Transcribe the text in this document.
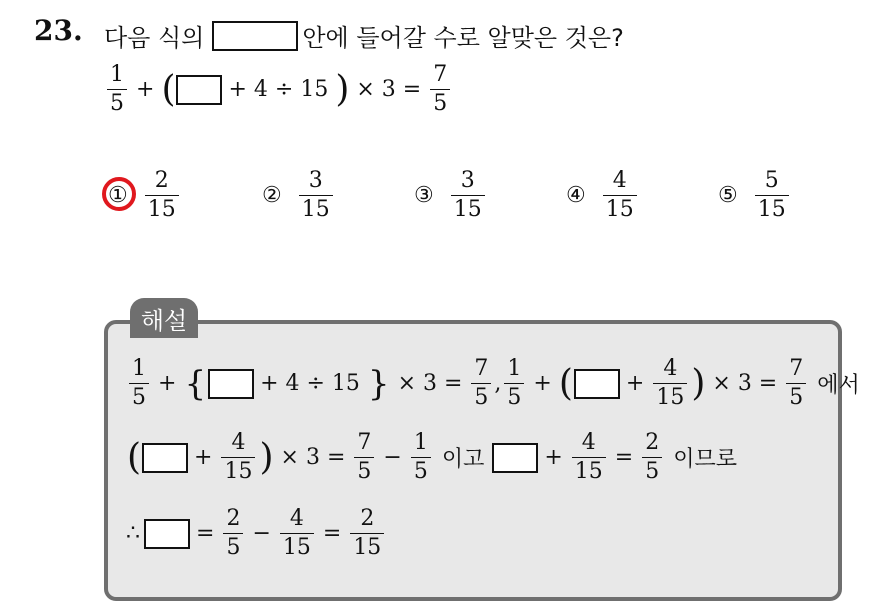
23. 다음 식의	안에 들어갈 수로 알맞은 것은?
$\frac{1}{5}$ + ( + 4 ÷ 15 ) × $3 = \frac{7}{5}$
① $\frac{2}{15}$	② $\frac{3}{15}$	③ $\frac{3}{15}$	④ $\frac{4}{15}$	⑤ $\frac{5}{15}$
해설
$\frac{1}{5}$ + { + 4 ÷ 15 } × $3 = \frac{7}{5}$ , $\frac{1}{5}$ + ( + $\frac{4}{15}$ ) × $3 = \frac{7}{5}$ 에서
( + $\frac{4}{15}$ ) × $3 = \frac{7}{5} - \frac{1}{5}$ 이고	+ $\frac{4}{15} = \frac{2}{5}$ 이므로
∴	= $\frac{2}{5} - \frac{4}{15} = \frac{2}{15}$
